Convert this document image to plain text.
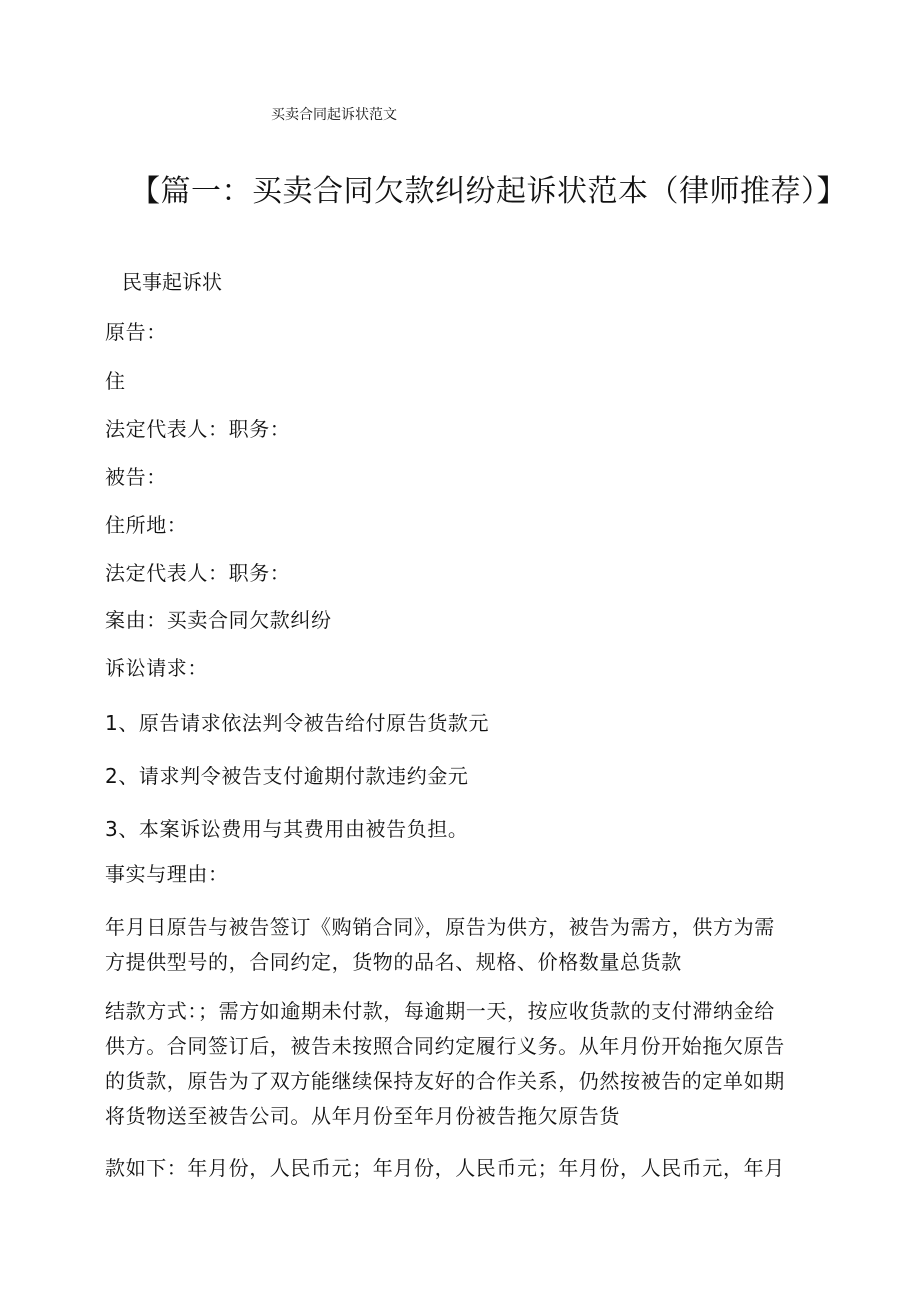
买卖合同起诉状范文

【篇一：买卖合同欠款纠纷起诉状范本（律师推荐）】

民事起诉状

原告：

住

法定代表人：职务：

被告：

住所地：

法定代表人：职务：

案由：买卖合同欠款纠纷

诉讼请求：

1、原告请求依法判令被告给付原告货款元

2、请求判令被告支付逾期付款违约金元

3、本案诉讼费用与其费用由被告负担。

事实与理由：

年月日原告与被告签订《购销合同》，原告为供方，被告为需方，供方为需

方提供型号的，合同约定，货物的品名、规格、价格数量总货款

结款方式：；需方如逾期未付款，每逾期一天，按应收货款的支付滞纳金给

供方。合同签订后，被告未按照合同约定履行义务。从年月份开始拖欠原告

的货款，原告为了双方能继续保持友好的合作关系，仍然按被告的定单如期

将货物送至被告公司。从年月份至年月份被告拖欠原告货

款如下：年月份，人民币元；年月份，人民币元；年月份，人民币元，年月
